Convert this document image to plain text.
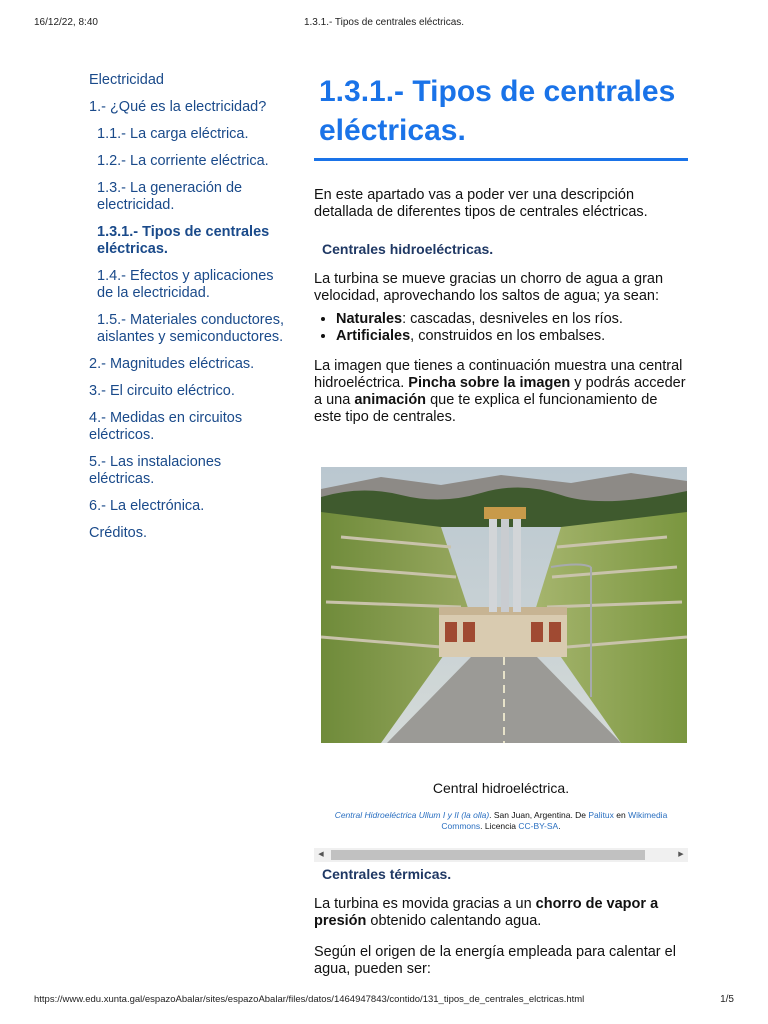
16/12/22, 8:40	1.3.1.- Tipos de centrales eléctricas.
Electricidad
1.- ¿Qué es la electricidad?
1.1.- La carga eléctrica.
1.2.- La corriente eléctrica.
1.3.- La generación de electricidad.
1.3.1.- Tipos de centrales eléctricas.
1.4.- Efectos y aplicaciones de la electricidad.
1.5.- Materiales conductores, aislantes y semiconductores.
2.- Magnitudes eléctricas.
3.- El circuito eléctrico.
4.- Medidas en circuitos eléctricos.
5.- Las instalaciones eléctricas.
6.- La electrónica.
Créditos.
1.3.1.- Tipos de centrales eléctricas.

En este apartado vas a poder ver una descripción detallada de diferentes tipos de centrales eléctricas.

Centrales hidroeléctricas.

La turbina se mueve gracias un chorro de agua a gran velocidad, aprovechando los saltos de agua; ya sean:

• Naturales: cascadas, desniveles en los ríos.
• Artificiales, construidos en los embalses.

La imagen que tienes a continuación muestra una central hidroeléctrica. Pincha sobre la imagen y podrás acceder a una animación que te explica el funcionamiento de este tipo de centrales.

Central hidroeléctrica.
Central Hidroeléctrica Ullum I y II (la olla). San Juan, Argentina. De Palitux en Wikimedia Commons. Licencia CC-BY-SA.
◀	▶
Centrales térmicas.

La turbina es movida gracias a un chorro de vapor a presión obtenido calentando agua.

Según el origen de la energía empleada para calentar el agua, pueden ser:

https://www.edu.xunta.gal/espazoAbalar/sites/espazoAbalar/files/datos/1464947843/contido/131_tipos_de_centrales_elctricas.html	1/5
